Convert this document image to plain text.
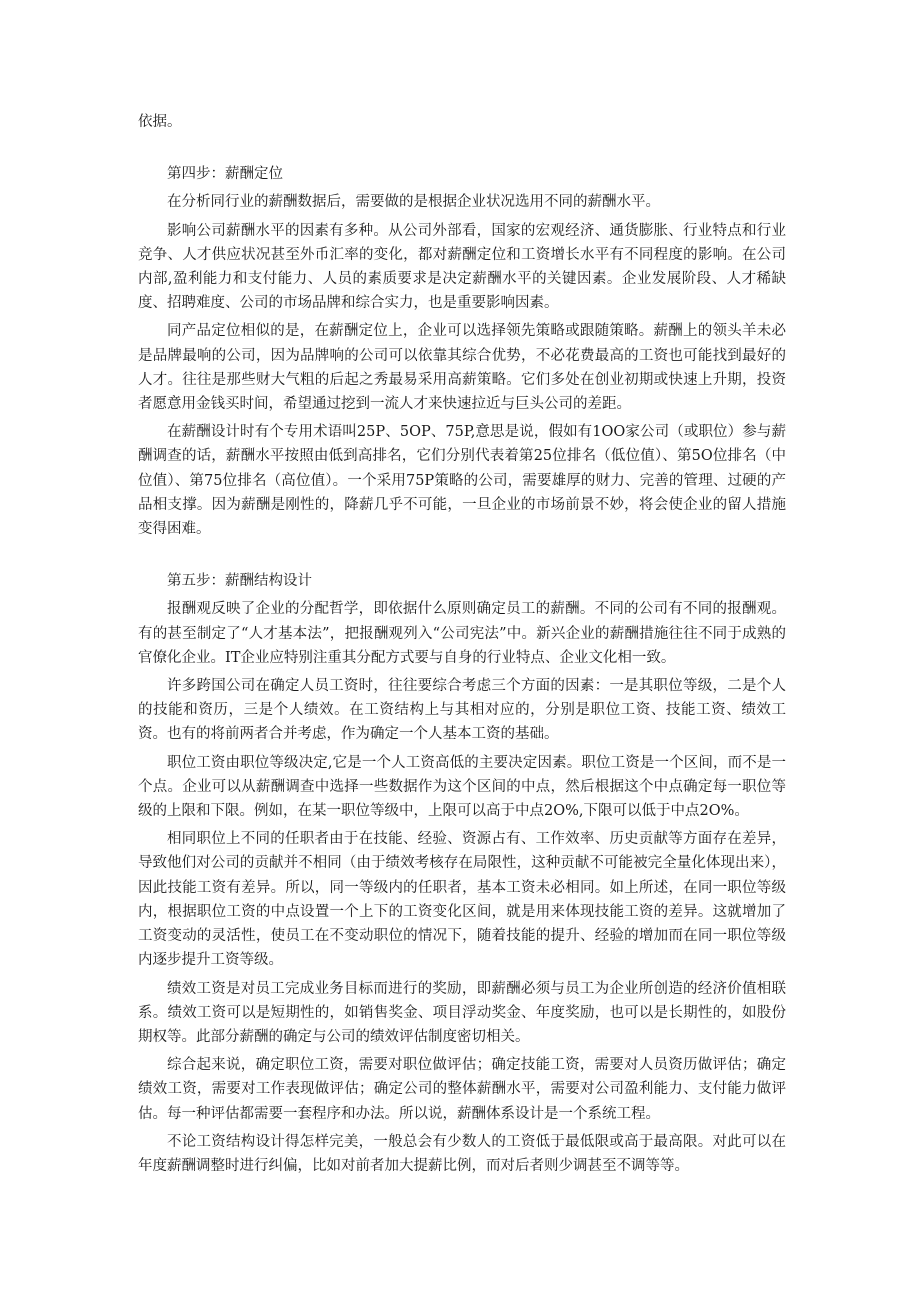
依据。

第四步：薪酬定位

在分析同行业的薪酬数据后，需要做的是根据企业状况选用不同的薪酬水平。

影响公司薪酬水平的因素有多种。从公司外部看，国家的宏观经济、通货膨胀、行业特点和行业竞争、人才供应状况甚至外币汇率的变化，都对薪酬定位和工资增长水平有不同程度的影响。在公司内部,盈利能力和支付能力、人员的素质要求是决定薪酬水平的关键因素。企业发展阶段、人才稀缺度、招聘难度、公司的市场品牌和综合实力，也是重要影响因素。

同产品定位相似的是，在薪酬定位上，企业可以选择领先策略或跟随策略。薪酬上的领头羊未必是品牌最响的公司，因为品牌响的公司可以依靠其综合优势，不必花费最高的工资也可能找到最好的人才。往往是那些财大气粗的后起之秀最易采用高薪策略。它们多处在创业初期或快速上升期，投资者愿意用金钱买时间，希望通过挖到一流人才来快速拉近与巨头公司的差距。

在薪酬设计时有个专用术语叫25P、5OP、75P,意思是说，假如有1OO家公司（或职位）参与薪酬调查的话，薪酬水平按照由低到高排名，它们分别代表着第25位排名（低位值）、第5O位排名（中位值）、第75位排名（高位值）。一个采用75P策略的公司，需要雄厚的财力、完善的管理、过硬的产品相支撑。因为薪酬是刚性的，降薪几乎不可能，一旦企业的市场前景不妙，将会使企业的留人措施变得困难。

第五步：薪酬结构设计

报酬观反映了企业的分配哲学，即依据什么原则确定员工的薪酬。不同的公司有不同的报酬观。有的甚至制定了“人才基本法”，把报酬观列入“公司宪法”中。新兴企业的薪酬措施往往不同于成熟的官僚化企业。IT企业应特别注重其分配方式要与自身的行业特点、企业文化相一致。

许多跨国公司在确定人员工资时，往往要综合考虑三个方面的因素：一是其职位等级，二是个人的技能和资历，三是个人绩效。在工资结构上与其相对应的，分别是职位工资、技能工资、绩效工资。也有的将前两者合并考虑，作为确定一个人基本工资的基础。

职位工资由职位等级决定,它是一个人工资高低的主要决定因素。职位工资是一个区间，而不是一个点。企业可以从薪酬调查中选择一些数据作为这个区间的中点，然后根据这个中点确定每一职位等级的上限和下限。例如，在某一职位等级中，上限可以高于中点2O%,下限可以低于中点2O%。

相同职位上不同的任职者由于在技能、经验、资源占有、工作效率、历史贡献等方面存在差异，导致他们对公司的贡献并不相同（由于绩效考核存在局限性，这种贡献不可能被完全量化体现出来），因此技能工资有差异。所以，同一等级内的任职者，基本工资未必相同。如上所述，在同一职位等级内，根据职位工资的中点设置一个上下的工资变化区间，就是用来体现技能工资的差异。这就增加了工资变动的灵活性，使员工在不变动职位的情况下，随着技能的提升、经验的增加而在同一职位等级内逐步提升工资等级。

绩效工资是对员工完成业务目标而进行的奖励，即薪酬必须与员工为企业所创造的经济价值相联系。绩效工资可以是短期性的，如销售奖金、项目浮动奖金、年度奖励，也可以是长期性的，如股份期权等。此部分薪酬的确定与公司的绩效评估制度密切相关。

综合起来说，确定职位工资，需要对职位做评估；确定技能工资，需要对人员资历做评估；确定绩效工资，需要对工作表现做评估；确定公司的整体薪酬水平，需要对公司盈利能力、支付能力做评估。每一种评估都需要一套程序和办法。所以说，薪酬体系设计是一个系统工程。

不论工资结构设计得怎样完美，一般总会有少数人的工资低于最低限或高于最高限。对此可以在年度薪酬调整时进行纠偏，比如对前者加大提薪比例，而对后者则少调甚至不调等等。
